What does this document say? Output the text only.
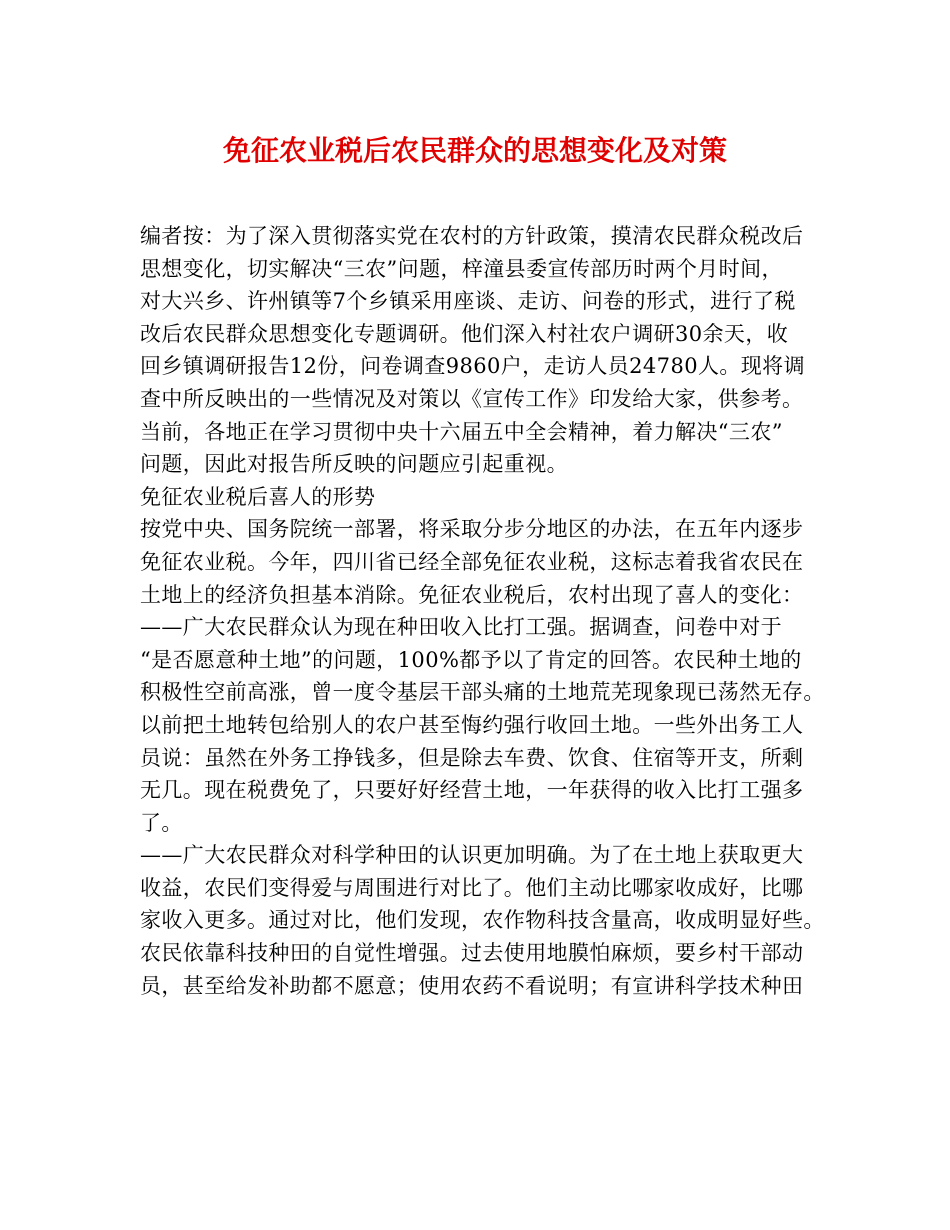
免征农业税后农民群众的思想变化及对策
编者按：为了深入贯彻落实党在农村的方针政策，摸清农民群众税改后
思想变化，切实解决“三农”问题，梓潼县委宣传部历时两个月时间，
对大兴乡、许州镇等7个乡镇采用座谈、走访、问卷的形式，进行了税
改后农民群众思想变化专题调研。他们深入村社农户调研30余天，收
回乡镇调研报告12份，问卷调查9860户，走访人员24780人。现将调
查中所反映出的一些情况及对策以《宣传工作》印发给大家，供参考。
当前，各地正在学习贯彻中央十六届五中全会精神，着力解决“三农”
问题，因此对报告所反映的问题应引起重视。
免征农业税后喜人的形势
按党中央、国务院统一部署，将采取分步分地区的办法，在五年内逐步
免征农业税。今年，四川省已经全部免征农业税，这标志着我省农民在
土地上的经济负担基本消除。免征农业税后，农村出现了喜人的变化：
——广大农民群众认为现在种田收入比打工强。据调查，问卷中对于
“是否愿意种土地”的问题，100%都予以了肯定的回答。农民种土地的
积极性空前高涨，曾一度令基层干部头痛的土地荒芜现象现已荡然无存。
以前把土地转包给别人的农户甚至悔约强行收回土地。一些外出务工人
员说：虽然在外务工挣钱多，但是除去车费、饮食、住宿等开支，所剩
无几。现在税费免了，只要好好经营土地，一年获得的收入比打工强多
了。
——广大农民群众对科学种田的认识更加明确。为了在土地上获取更大
收益，农民们变得爱与周围进行对比了。他们主动比哪家收成好，比哪
家收入更多。通过对比，他们发现，农作物科技含量高，收成明显好些。
农民依靠科技种田的自觉性增强。过去使用地膜怕麻烦，要乡村干部动
员，甚至给发补助都不愿意；使用农药不看说明；有宣讲科学技术种田
